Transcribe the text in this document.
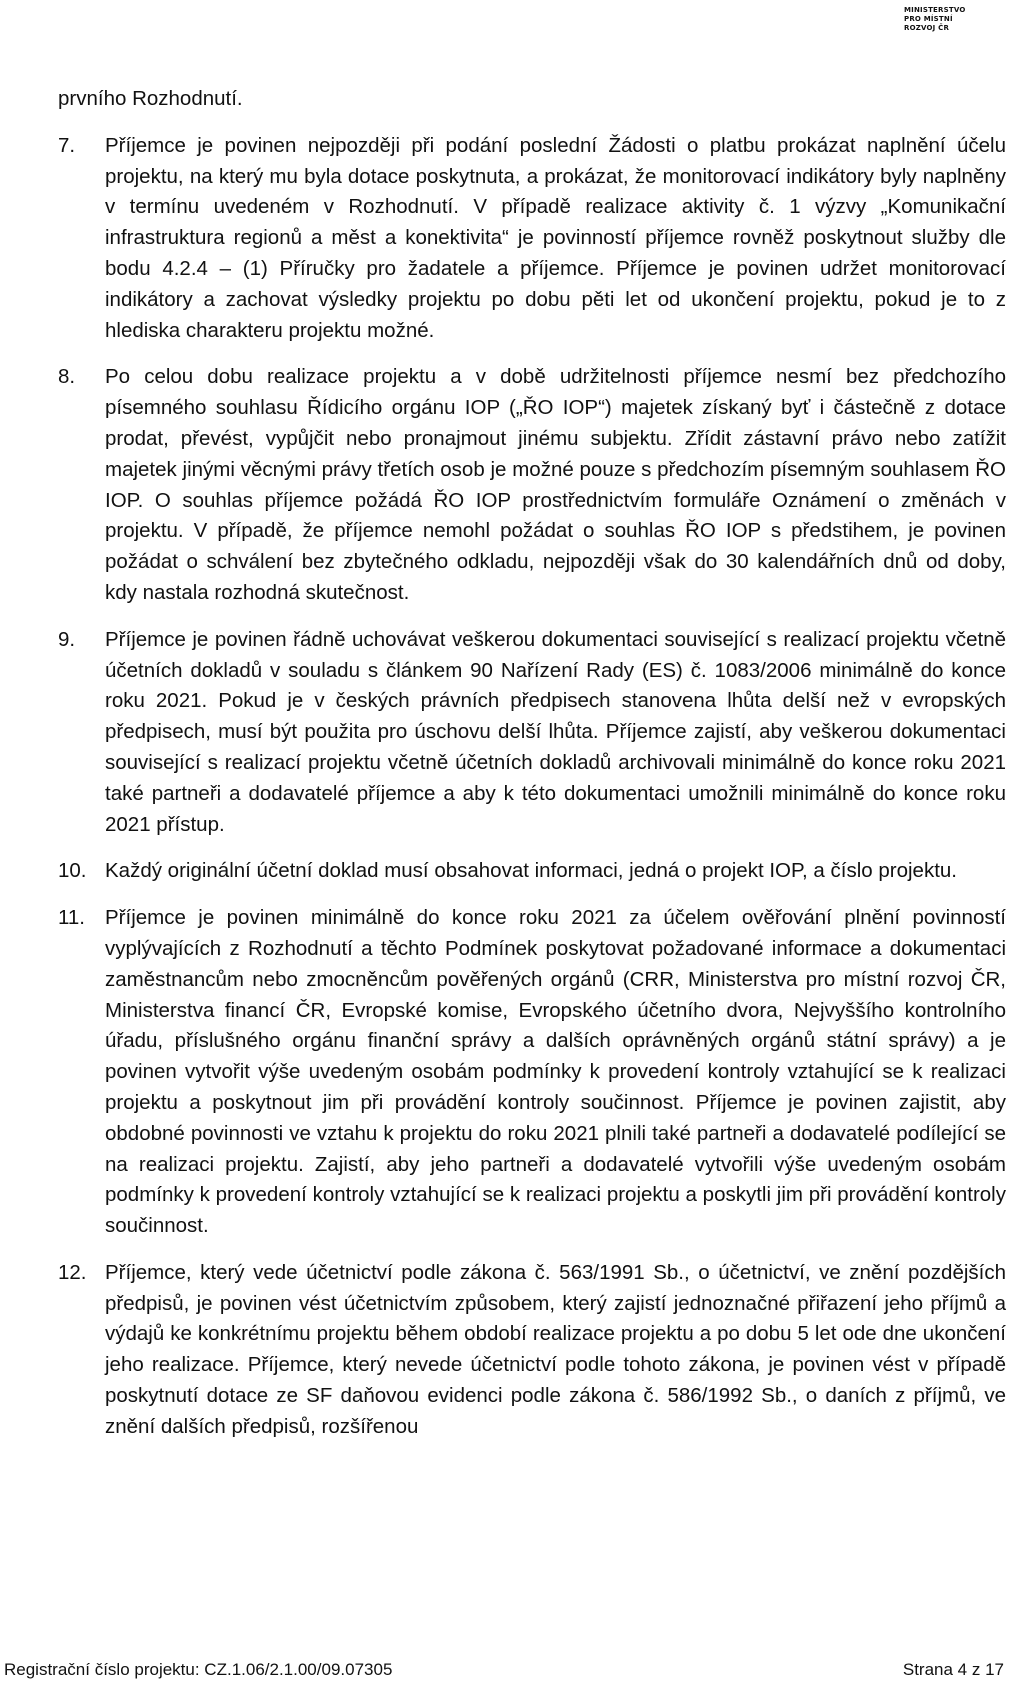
MINISTERSTVO
PRO MÍSTNÍ
ROZVOJ ČR

prvního Rozhodnutí.

7.	Příjemce je povinen nejpozději při podání poslední Žádosti o platbu prokázat naplnění účelu projektu, na který mu byla dotace poskytnuta, a prokázat, že monitorovací indikátory byly naplněny v termínu uvedeném v Rozhodnutí. V případě realizace aktivity č. 1 výzvy „Komunikační infrastruktura regionů a měst a konektivita“ je povinností příjemce rovněž poskytnout služby dle bodu 4.2.4 – (1) Příručky pro žadatele a příjemce. Příjemce je povinen udržet monitorovací indikátory a zachovat výsledky projektu po dobu pěti let od ukončení projektu, pokud je to z hlediska charakteru projektu možné.
8.	Po celou dobu realizace projektu a v době udržitelnosti příjemce nesmí bez předchozího písemného souhlasu Řídicího orgánu IOP („ŘO IOP“) majetek získaný byť i částečně z dotace prodat, převést, vypůjčit nebo pronajmout jinému subjektu. Zřídit zástavní právo nebo zatížit majetek jinými věcnými právy třetích osob je možné pouze s předchozím písemným souhlasem ŘO IOP. O souhlas příjemce požádá ŘO IOP prostřednictvím formuláře Oznámení o změnách v projektu. V případě, že příjemce nemohl požádat o souhlas ŘO IOP s předstihem, je povinen požádat o schválení bez zbytečného odkladu, nejpozději však do 30 kalendářních dnů od doby, kdy nastala rozhodná skutečnost.
9.	Příjemce je povinen řádně uchovávat veškerou dokumentaci související s realizací projektu včetně účetních dokladů v souladu s článkem 90 Nařízení Rady (ES) č. 1083/2006 minimálně do konce roku 2021. Pokud je v českých právních předpisech stanovena lhůta delší než v evropských předpisech, musí být použita pro úschovu delší lhůta. Příjemce zajistí, aby veškerou dokumentaci související s realizací projektu včetně účetních dokladů archivovali minimálně do konce roku 2021 také partneři a dodavatelé příjemce a aby k této dokumentaci umožnili minimálně do konce roku 2021 přístup.
10. Každý originální účetní doklad musí obsahovat informaci, jedná o projekt IOP, a číslo projektu.
11. Příjemce je povinen minimálně do konce roku 2021 za účelem ověřování plnění povinností vyplývajících z Rozhodnutí a těchto Podmínek poskytovat požadované informace a dokumentaci zaměstnancům nebo zmocněncům pověřených orgánů (CRR, Ministerstva pro místní rozvoj ČR, Ministerstva financí ČR, Evropské komise, Evropského účetního dvora, Nejvyššího kontrolního úřadu, příslušného orgánu finanční správy a dalších oprávněných orgánů státní správy) a je povinen vytvořit výše uvedeným osobám podmínky k provedení kontroly vztahující se k realizaci projektu a poskytnout jim při provádění kontroly součinnost. Příjemce je povinen zajistit, aby obdobné povinnosti ve vztahu k projektu do roku 2021 plnili také partneři a dodavatelé podílející se na realizaci projektu. Zajistí, aby jeho partneři a dodavatelé vytvořili výše uvedeným osobám podmínky k provedení kontroly vztahující se k realizaci projektu a poskytli jim při provádění kontroly součinnost.
12. Příjemce, který vede účetnictví podle zákona č. 563/1991 Sb., o účetnictví, ve znění pozdějších předpisů, je povinen vést účetnictvím způsobem, který zajistí jednoznačné přiřazení jeho příjmů a výdajů ke konkrétnímu projektu během období realizace projektu a po dobu 5 let ode dne ukončení jeho realizace. Příjemce, který nevede účetnictví podle tohoto zákona, je povinen vést v případě poskytnutí dotace ze SF daňovou evidenci podle zákona č. 586/1992 Sb., o daních z příjmů, ve znění dalších předpisů, rozšířenou
Registrační číslo projektu: CZ.1.06/2.1.00/09.07305	Strana 4 z 17
